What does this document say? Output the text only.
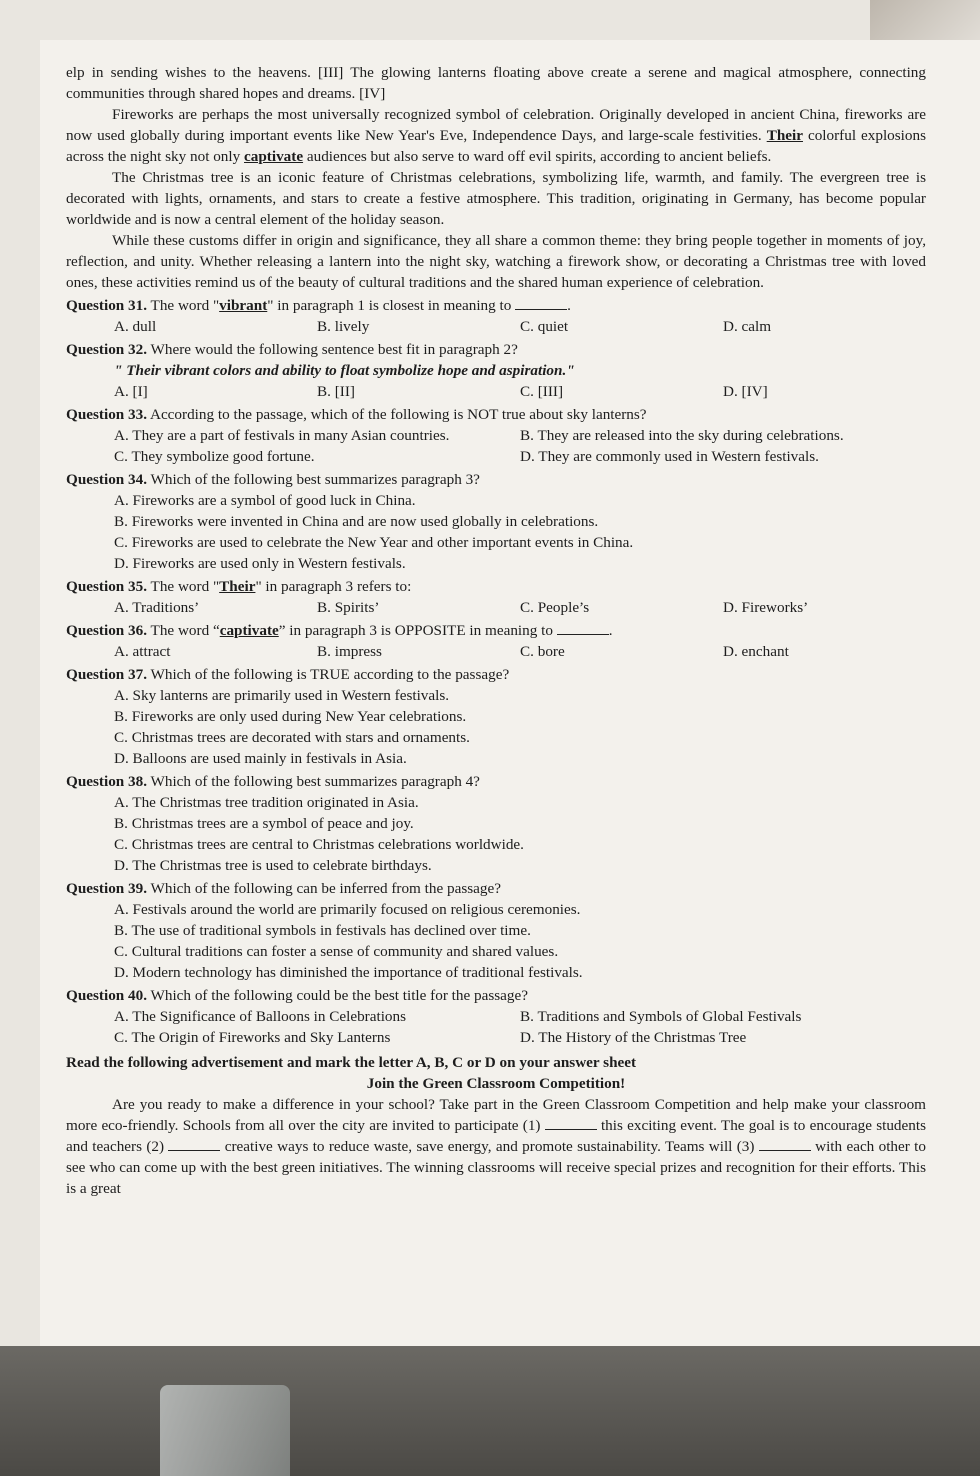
elp in sending wishes to the heavens. [III] The glowing lanterns floating above create a serene and magical atmosphere, connecting communities through shared hopes and dreams. [IV]

Fireworks are perhaps the most universally recognized symbol of celebration. Originally developed in ancient China, fireworks are now used globally during important events like New Year's Eve, Independence Days, and large-scale festivities. Their colorful explosions across the night sky not only captivate audiences but also serve to ward off evil spirits, according to ancient beliefs.

The Christmas tree is an iconic feature of Christmas celebrations, symbolizing life, warmth, and family. The evergreen tree is decorated with lights, ornaments, and stars to create a festive atmosphere. This tradition, originating in Germany, has become popular worldwide and is now a central element of the holiday season.

While these customs differ in origin and significance, they all share a common theme: they bring people together in moments of joy, reflection, and unity. Whether releasing a lantern into the night sky, watching a firework show, or decorating a Christmas tree with loved ones, these activities remind us of the beauty of cultural traditions and the shared human experience of celebration.

Question 31. The word "vibrant" in paragraph 1 is closest in meaning to	.
A. dull	B. lively	C. quiet	D. calm
Question 32. Where would the following sentence best fit in paragraph 2?
" Their vibrant colors and ability to float symbolize hope and aspiration."
A. [I]	B. [II]	C. [III]	D. [IV]
Question 33. According to the passage, which of the following is NOT true about sky lanterns?
A. They are a part of festivals in many Asian countries.	B. They are released into the sky during celebrations.
C. They symbolize good fortune.	D. They are commonly used in Western festivals.
Question 34. Which of the following best summarizes paragraph 3?
A. Fireworks are a symbol of good luck in China.
B. Fireworks were invented in China and are now used globally in celebrations.
C. Fireworks are used to celebrate the New Year and other important events in China.
D. Fireworks are used only in Western festivals.
Question 35. The word "Their" in paragraph 3 refers to:
A. Traditions’	B. Spirits’	C. People’s	D. Fireworks’
Question 36. The word “captivate” in paragraph 3 is OPPOSITE in meaning to	.
A. attract	B. impress	C. bore	D. enchant
Question 37. Which of the following is TRUE according to the passage?
A. Sky lanterns are primarily used in Western festivals.
B. Fireworks are only used during New Year celebrations.
C. Christmas trees are decorated with stars and ornaments.
D. Balloons are used mainly in festivals in Asia.
Question 38. Which of the following best summarizes paragraph 4?
A. The Christmas tree tradition originated in Asia.
B. Christmas trees are a symbol of peace and joy.
C. Christmas trees are central to Christmas celebrations worldwide.
D. The Christmas tree is used to celebrate birthdays.
Question 39. Which of the following can be inferred from the passage?
A. Festivals around the world are primarily focused on religious ceremonies.
B. The use of traditional symbols in festivals has declined over time.
C. Cultural traditions can foster a sense of community and shared values.
D. Modern technology has diminished the importance of traditional festivals.
Question 40. Which of the following could be the best title for the passage?
A. The Significance of Balloons in Celebrations	B. Traditions and Symbols of Global Festivals
C. The Origin of Fireworks and Sky Lanterns	D. The History of the Christmas Tree
Read the following advertisement and mark the letter A, B, C or D on your answer sheet
Join the Green Classroom Competition!

Are you ready to make a difference in your school? Take part in the Green Classroom Competition and help make your classroom more eco-friendly. Schools from all over the city are invited to participate (1)	this exciting event. The goal is to encourage students and teachers (2)	creative ways to reduce waste, save energy, and promote sustainability. Teams will (3)	with each other to see who can come up with the best green initiatives. The winning classrooms will receive special prizes and recognition for their efforts. This is a great
